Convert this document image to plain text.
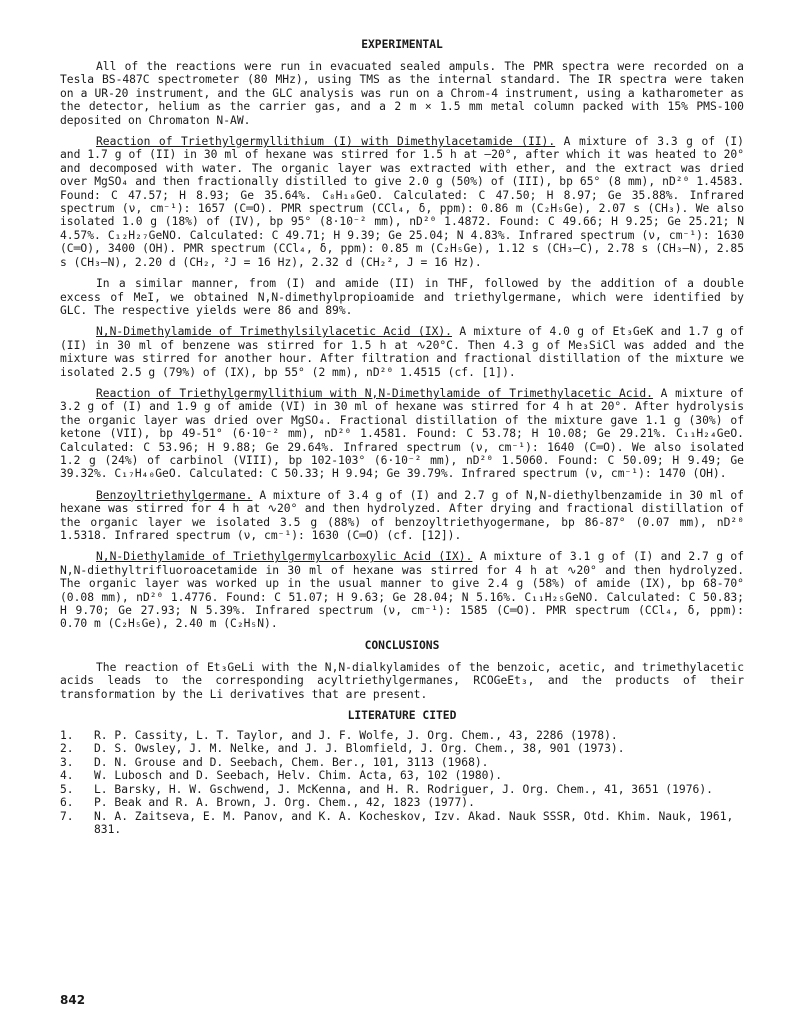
EXPERIMENTAL

All of the reactions were run in evacuated sealed ampuls. The PMR spectra were recorded on a Tesla BS-487C spectrometer (80 MHz), using TMS as the internal standard. The IR spectra were taken on a UR-20 instrument, and the GLC analysis was run on a Chrom-4 instrument, using a katharometer as the detector, helium as the carrier gas, and a 2 m × 1.5 mm metal column packed with 15% PMS-100 deposited on Chromaton N-AW.

Reaction of Triethylgermyllithium (I) with Dimethylacetamide (II). A mixture of 3.3 g of (I) and 1.7 g of (II) in 30 ml of hexane was stirred for 1.5 h at –20°, after which it was heated to 20° and decomposed with water. The organic layer was extracted with ether, and the extract was dried over MgSO₄ and then fractionally distilled to give 2.0 g (50%) of (III), bp 65° (8 mm), nD²⁰ 1.4583. Found: C 47.57; H 8.93; Ge 35.64%. C₈H₁₈GeO. Calculated: C 47.50; H 8.97; Ge 35.88%. Infrared spectrum (ν, cm⁻¹): 1657 (C═O). PMR spectrum (CCl₄, δ, ppm): 0.86 m (C₂H₅Ge), 2.07 s (CH₃). We also isolated 1.0 g (18%) of (IV), bp 95° (8·10⁻² mm), nD²⁰ 1.4872. Found: C 49.66; H 9.25; Ge 25.21; N 4.57%. C₁₂H₂₇GeNO. Calculated: C 49.71; H 9.39; Ge 25.04; N 4.83%. Infrared spectrum (ν, cm⁻¹): 1630 (C═O), 3400 (OH). PMR spectrum (CCl₄, δ, ppm): 0.85 m (C₂H₅Ge), 1.12 s (CH₃–C), 2.78 s (CH₃–N), 2.85 s (CH₃–N), 2.20 d (CH₂, ²J = 16 Hz), 2.32 d (CH₂², J = 16 Hz).

In a similar manner, from (I) and amide (II) in THF, followed by the addition of a double excess of MeI, we obtained N,N-dimethylpropioamide and triethylgermane, which were identified by GLC. The respective yields were 86 and 89%.

N,N-Dimethylamide of Trimethylsilylacetic Acid (IX). A mixture of 4.0 g of Et₃GeK and 1.7 g of (II) in 30 ml of benzene was stirred for 1.5 h at ∿20°C. Then 4.3 g of Me₃SiCl was added and the mixture was stirred for another hour. After filtration and fractional distillation of the mixture we isolated 2.5 g (79%) of (IX), bp 55° (2 mm), nD²⁰ 1.4515 (cf. [1]).

Reaction of Triethylgermyllithium with N,N-Dimethylamide of Trimethylacetic Acid. A mixture of 3.2 g of (I) and 1.9 g of amide (VI) in 30 ml of hexane was stirred for 4 h at 20°. After hydrolysis the organic layer was dried over MgSO₄. Fractional distillation of the mixture gave 1.1 g (30%) of ketone (VII), bp 49-51° (6·10⁻² mm), nD²⁰ 1.4581. Found: C 53.78; H 10.08; Ge 29.21%. C₁₁H₂₄GeO. Calculated: C 53.96; H 9.88; Ge 29.64%. Infrared spectrum (ν, cm⁻¹): 1640 (C═O). We also isolated 1.2 g (24%) of carbinol (VIII), bp 102-103° (6·10⁻² mm), nD²⁰ 1.5060. Found: C 50.09; H 9.49; Ge 39.32%. C₁₇H₄₀GeO. Calculated: C 50.33; H 9.94; Ge 39.79%. Infrared spectrum (ν, cm⁻¹): 1470 (OH).

Benzoyltriethylgermane. A mixture of 3.4 g of (I) and 2.7 g of N,N-diethylbenzamide in 30 ml of hexane was stirred for 4 h at ∿20° and then hydrolyzed. After drying and fractional distillation of the organic layer we isolated 3.5 g (88%) of benzoyltriethyogermane, bp 86-87° (0.07 mm), nD²⁰ 1.5318. Infrared spectrum (ν, cm⁻¹): 1630 (C═O) (cf. [12]).

N,N-Diethylamide of Triethylgermylcarboxylic Acid (IX). A mixture of 3.1 g of (I) and 2.7 g of N,N-diethyltrifluoroacetamide in 30 ml of hexane was stirred for 4 h at ∿20° and then hydrolyzed. The organic layer was worked up in the usual manner to give 2.4 g (58%) of amide (IX), bp 68-70° (0.08 mm), nD²⁰ 1.4776. Found: C 51.07; H 9.63; Ge 28.04; N 5.16%. C₁₁H₂₅GeNO. Calculated: C 50.83; H 9.70; Ge 27.93; N 5.39%. Infrared spectrum (ν, cm⁻¹): 1585 (C═O). PMR spectrum (CCl₄, δ, ppm): 0.70 m (C₂H₅Ge), 2.40 m (C₂H₅N).

CONCLUSIONS

The reaction of Et₃GeLi with the N,N-dialkylamides of the benzoic, acetic, and trimethylacetic acids leads to the corresponding acyltriethylgermanes, RCOGeEt₃, and the products of their transformation by the Li derivatives that are present.

LITERATURE CITED
1.	R. P. Cassity, L. T. Taylor, and J. F. Wolfe, J. Org. Chem., 43, 2286 (1978).
2.	D. S. Owsley, J. M. Nelke, and J. J. Blomfield, J. Org. Chem., 38, 901 (1973).
3.	D. N. Grouse and D. Seebach, Chem. Ber., 101, 3113 (1968).
4.	W. Lubosch and D. Seebach, Helv. Chim. Acta, 63, 102 (1980).
5.	L. Barsky, H. W. Gschwend, J. McKenna, and H. R. Rodriguer, J. Org. Chem., 41, 3651 (1976).
6.	P. Beak and R. A. Brown, J. Org. Chem., 42, 1823 (1977).
7.	N. A. Zaitseva, E. M. Panov, and K. A. Kocheskov, Izv. Akad. Nauk SSSR, Otd. Khim. Nauk, 1961, 831.
842
